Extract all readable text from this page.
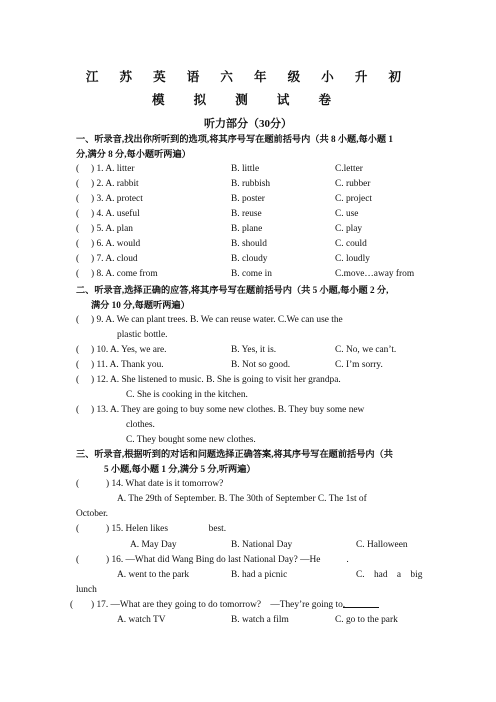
江 苏 英 语 六 年 级 小 升 初
模 拟 测 试 卷
听力部分（30分）
一、听录音,找出你所听到的选项,将其序号写在题前括号内（共 8 小题,每小题 1
分,满分 8 分,每小题听两遍）
( ) 1. A. litter	B. little	C.letter
( ) 2. A. rabbit	B. rubbish	C. rubber
( ) 3. A. protect	B. poster	C. project
( ) 4. A. useful	B. reuse	C. use
( ) 5. A. plan	B. plane	C. play
( ) 6. A. would	B. should	C. could
( ) 7. A. cloud	B. cloudy	C. loudly
( ) 8. A. come from	B. come in	C.move…away from
二、听录音,选择正确的应答,将其序号写在题前括号内（共 5 小题,每小题 2 分,
满分 10 分,每题听两遍）
( ) 9. A. We can plant trees. B. We can reuse water. C.We can use the
plastic bottle.
( ) 10. A. Yes, we are.	B. Yes, it is.	C. No, we can’t.
( ) 11. A. Thank you.	B. Not so good.	C. I’m sorry.
( ) 12. A. She listened to music. B. She is going to visit her grandpa.
C. She is cooking in the kitchen.
( ) 13. A. They are going to buy some new clothes. B. They buy some new
clothes.
C. They bought some new clothes.
三、听录音,根据听到的对话和问题选择正确答案,将其序号写在题前括号内（共
5 小题,每小题 1 分,满分 5 分,听两遍）
(	) 14. What date is it tomorrow?
A. The 29th of September. B. The 30th of September C. The 1st of
October.
(	) 15. Helen likes	best.
A. May Day	B. National Day	C. Halloween
(	) 16. —What did Wang Bing do last National Day? —He	.
A. went to the park	B. had a picnic	C.    had    a    big
lunch
( ) 17. —What are they going to do tomorrow?    —They’re going to
.
A. watch TV	B. watch a film	C. go to the park
